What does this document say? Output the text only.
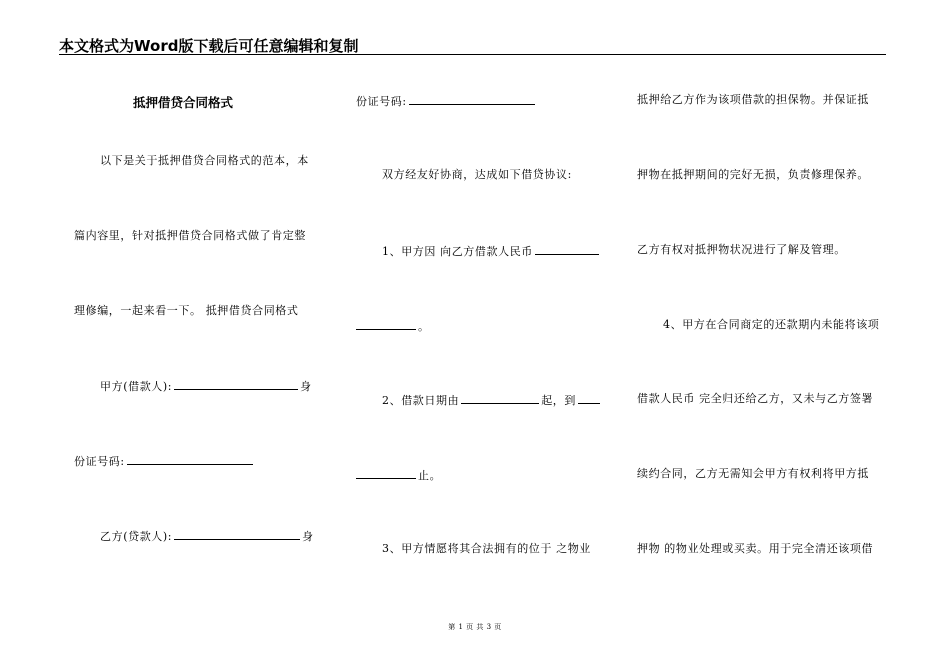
本文格式为Word版下载后可任意编辑和复制
抵押借贷合同格式
以下是关于抵押借贷合同格式的范本，本
篇内容里，针对抵押借贷合同格式做了肯定整
理修编，一起来看一下。 抵押借贷合同格式
甲方(借款人):	身
份证号码:
乙方(贷款人):	身
份证号码:
双方经友好协商，达成如下借贷协议:
1、甲方因 向乙方借款人民币
。
2、借款日期由	起，到
止。
3、甲方情愿将其合法拥有的位于 之物业
抵押给乙方作为该项借款的担保物。并保证抵
押物在抵押期间的完好无损，负责修理保养。
乙方有权对抵押物状况进行了解及管理。
4、甲方在合同商定的还款期内未能将该项
借款人民币 完全归还给乙方，又未与乙方签署
续约合同，乙方无需知会甲方有权利将甲方抵
押物 的物业处理或买卖。用于完全清还该项借
第 1 页 共 3 页
